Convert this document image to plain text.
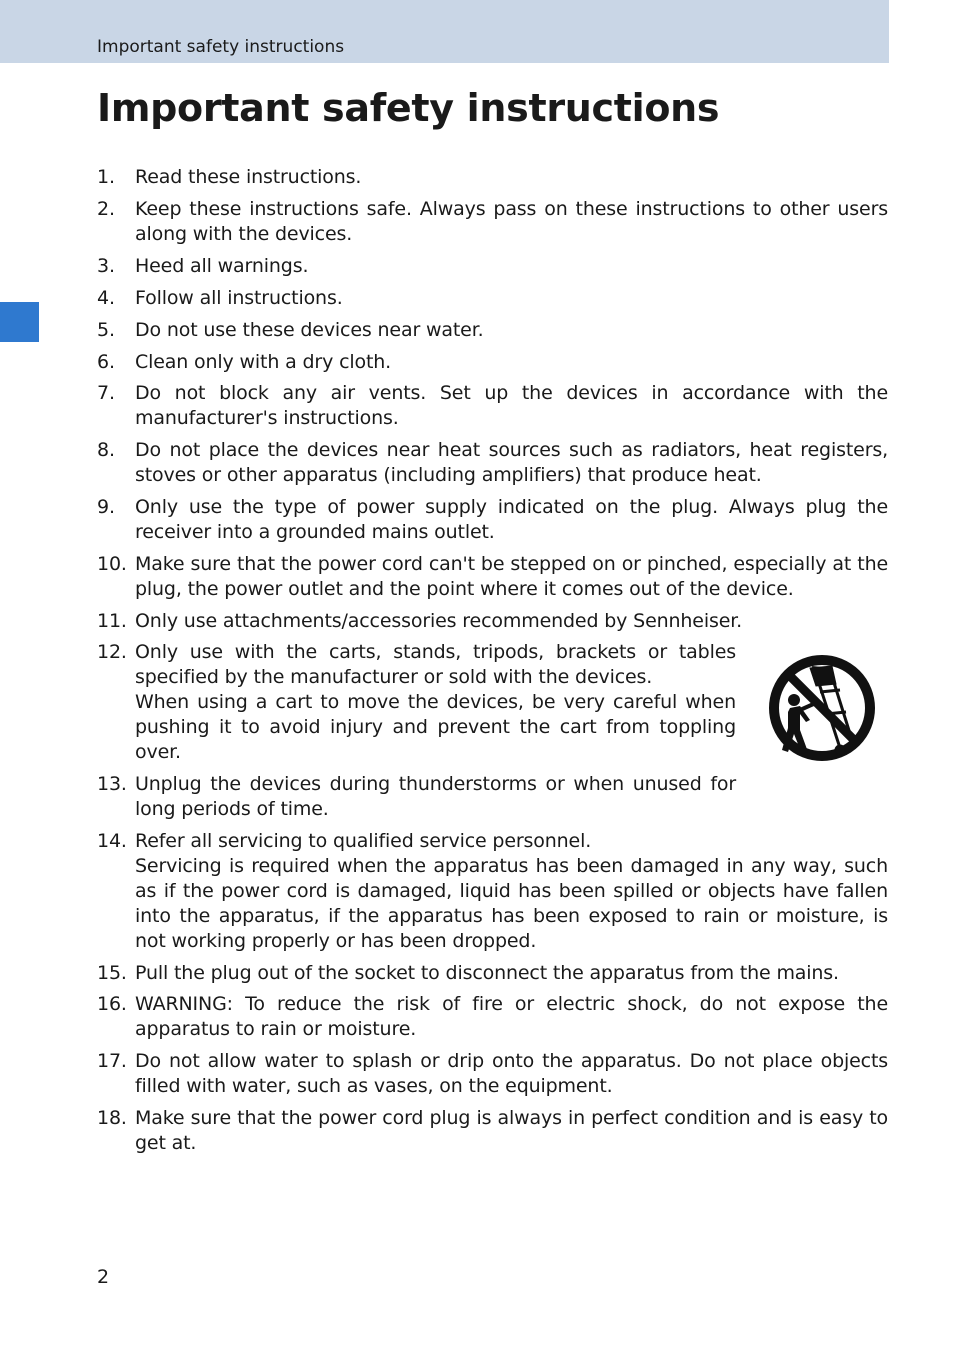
Important safety instructions
Important safety instructions
1. Read these instructions.
2. Keep these instructions safe. Always pass on these instructions to other users along with the devices.
3. Heed all warnings.
4. Follow all instructions.
5. Do not use these devices near water.
6. Clean only with a dry cloth.
7. Do not block any air vents. Set up the devices in accordance with the manufacturer's instructions.
8. Do not place the devices near heat sources such as radiators, heat registers, stoves or other apparatus (including amplifiers) that produce heat.
9. Only use the type of power supply indicated on the plug. Always plug the receiver into a grounded mains outlet.
10. Make sure that the power cord can't be stepped on or pinched, especially at the plug, the power outlet and the point where it comes out of the device.
11. Only use attachments/accessories recommended by Sennheiser.
12. Only use with the carts, stands, tripods, brackets or tables specified by the manufacturer or sold with the devices.
When using a cart to move the devices, be very careful when pushing it to avoid injury and prevent the cart from toppling over.
13. Unplug the devices during thunderstorms or when unused for long periods of time.
14. Refer all servicing to qualified service personnel.
Servicing is required when the apparatus has been damaged in any way, such as if the power cord is damaged, liquid has been spilled or objects have fallen into the apparatus, if the apparatus has been exposed to rain or moisture, is not working properly or has been dropped.
15. Pull the plug out of the socket to disconnect the apparatus from the mains.
16. WARNING: To reduce the risk of fire or electric shock, do not expose the apparatus to rain or moisture.
17. Do not allow water to splash or drip onto the apparatus. Do not place objects filled with water, such as vases, on the equipment.
18. Make sure that the power cord plug is always in perfect condition and is easy to get at.
2
